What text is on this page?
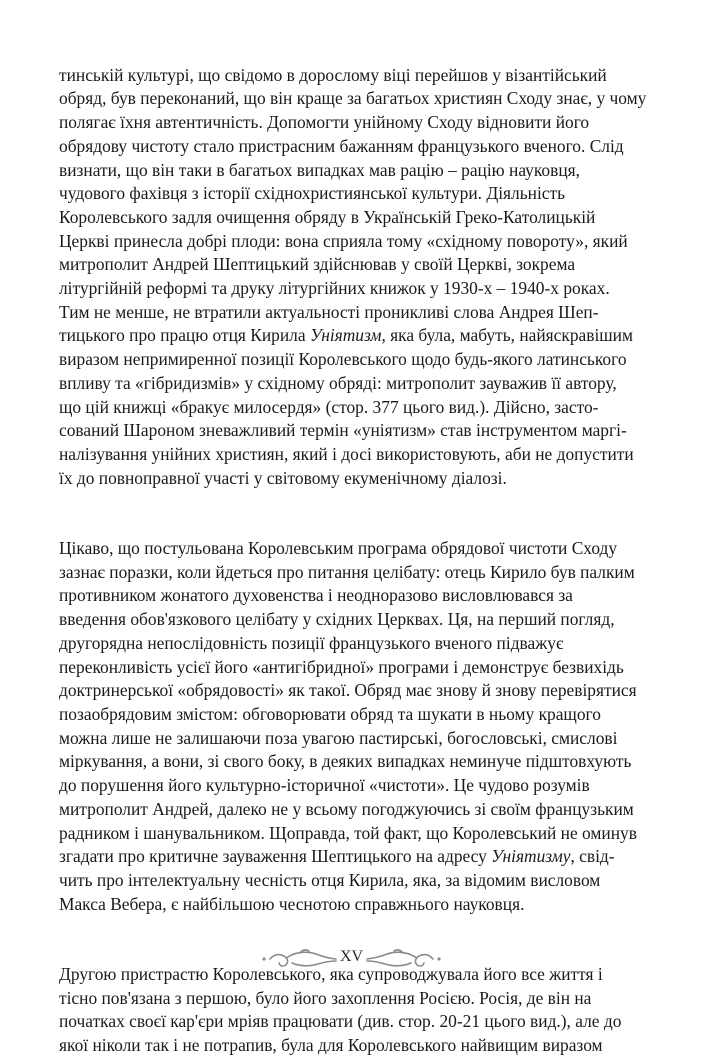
тинській культурі, що свідомо в дорослому віці перейшов у візантійський
обряд, був переконаний, що він краще за багатьох християн Сходу знає, у чому
полягає їхня автентичність. Допомогти унійному Сходу відновити його
обрядову чистоту стало пристрасним бажанням французького вченого. Слід
визнати, що він таки в багатьох випадках мав рацію – рацію науковця,
чудового фахівця з історії східнохристиянської культури. Діяльність
Королевського задля очищення обряду в Українській Греко-Католицькій
Церкві принесла добрі плоди: вона сприяла тому «східному повороту», який
митрополит Андрей Шептицький здійснював у своїй Церкві, зокрема
літургійній реформі та друку літургійних книжок у 1930-х – 1940-х роках.
Тим не менше, не втратили актуальності проникливі слова Андрея Шеп-
тицького про працю отця Кирила Уніятизм, яка була, мабуть, найяскравішим
виразом непримиренної позиції Королевського щодо будь-якого латинського
впливу та «гібридизмів» у східному обряді: митрополит зауважив її автору,
що цій книжці «бракує милосердя» (стор. 377 цього вид.). Дійсно, засто-
сований Шароном зневажливий термін «уніятизм» став інструментом маргі-
налізування унійних християн, який і досі використовують, аби не допустити
їх до повноправної участі у світовому екуменічному діалозі.

Цікаво, що постульована Королевським програма обрядової чистоти Сходу
зазнає поразки, коли йдеться про питання целібату: отець Кирило був палким
противником жонатого духовенства і неодноразово висловлювався за
введення обов'язкового целібату у східних Церквах. Ця, на перший погляд,
другорядна непослідовність позиції французького вченого підважує
переконливість усієї його «антигібридної» програми і демонструє безвихідь
доктринерської «обрядовості» як такої. Обряд має знову й знову перевірятися
позаобрядовим змістом: обговорювати обряд та шукати в ньому кращого
можна лише не залишаючи поза увагою пастирські, богословські, смислові
міркування, а вони, зі свого боку, в деяких випадках неминуче підштовхують
до порушення його культурно-історичної «чистоти». Це чудово розумів
митрополит Андрей, далеко не у всьому погоджуючись зі своїм французьким
радником і шанувальником. Щоправда, той факт, що Королевський не оминув
згадати про критичне зауваження Шептицького на адресу Уніятизму, свід-
чить про інтелектуальну чесність отця Кирила, яка, за відомим висловом
Макса Вебера, є найбільшою чеснотою справжнього науковця.

Другою пристрастю Королевського, яка супроводжувала його все життя і
тісно пов'язана з першою, було його захоплення Росією. Росія, де він на
початках своєї кар'єри мріяв працювати (див. стор. 20-21 цього вид.), але до
якої ніколи так і не потрапив, була для Королевського найвищим виразом

XV
